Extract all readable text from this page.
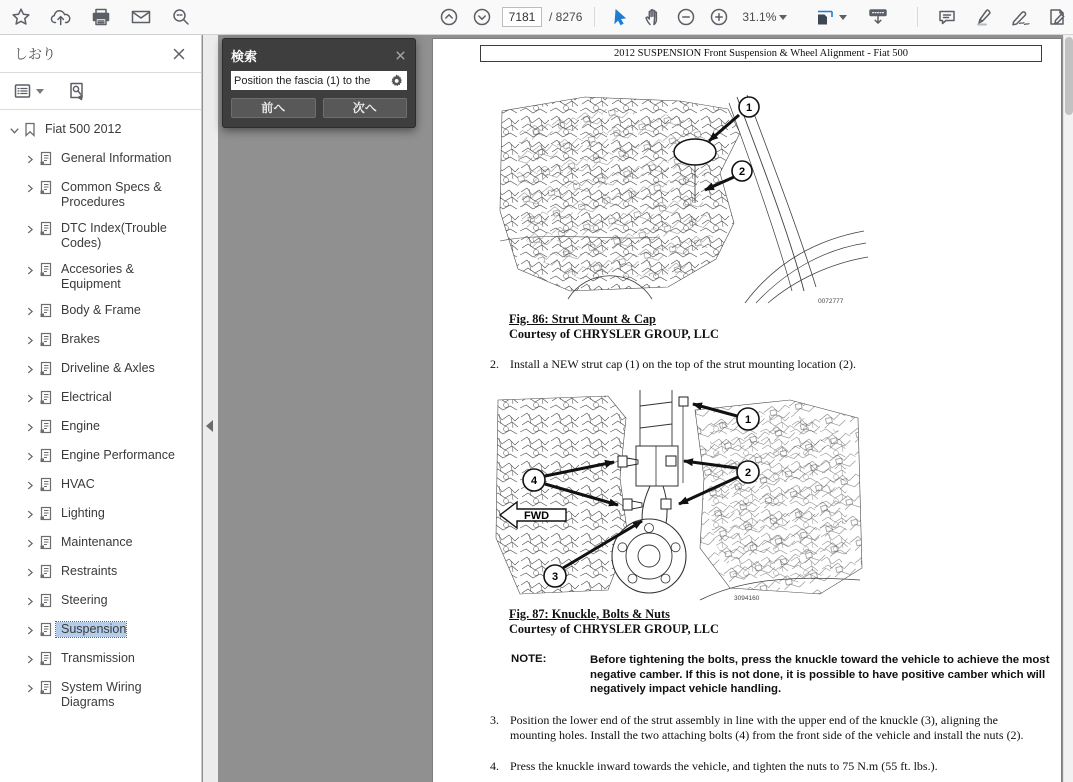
7181
/ 8276	31.1%
しおり
Fiat 500 2012
General Information
Common Specs & Procedures
DTC Index(Trouble Codes)
Accesories & Equipment
Body & Frame
Brakes
Driveline & Axles
Electrical
Engine
Engine Performance
HVAC
Lighting
Maintenance
Restraints
Steering
Suspension
Transmission
System Wiring Diagrams
2012 SUSPENSION Front Suspension & Wheel Alignment - Fiat 500
1
2
0072777
Fig. 86: Strut Mount & Cap
Courtesy of CHRYSLER GROUP, LLC
2. Install a NEW strut cap (1) on the top of the strut mounting location (2).
1
2
4
3
FWD
3094160
Fig. 87: Knuckle, Bolts & Nuts
Courtesy of CHRYSLER GROUP, LLC
NOTE:	Before tightening the bolts, press the knuckle toward the vehicle to achieve the most negative camber. If this is not done, it is possible to have positive camber which will negatively impact vehicle handling.
3. Position the lower end of the strut assembly in line with the upper end of the knuckle (3), aligning the mounting holes. Install the two attaching bolts (4) from the front side of the vehicle and install the nuts (2).
4. Press the knuckle inward towards the vehicle, and tighten the nuts to 75 N.m (55 ft. lbs.).
検索
Position the fascia (1) to the
前へ	次へ
